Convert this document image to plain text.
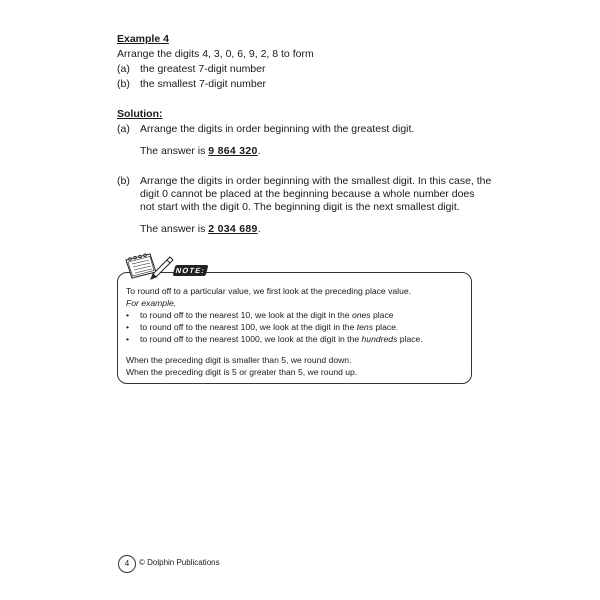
Example 4
Arrange the digits 4, 3, 0, 6, 9, 2, 8 to form
(a) the greatest 7-digit number
(b) the smallest 7-digit number
Solution:
(a) Arrange the digits in order beginning with the greatest digit.
The answer is 9 864 320.
(b) Arrange the digits in order beginning with the smallest digit. In this case, the
digit 0 cannot be placed at the beginning because a whole number does
not start with the digit 0. The beginning digit is the next smallest digit.
The answer is 2 034 689.
To round off to a particular value, we first look at the preceding place value.
For example,
• to round off to the nearest 10, we look at the digit in the ones place
• to round off to the nearest 100, we look at the digit in the tens place.
• to round off to the nearest 1000, we look at the digit in the hundreds place.
When the preceding digit is smaller than 5, we round down.
When the preceding digit is 5 or greater than 5, we round up.
NOTE:
4	© Dolphin Publications
